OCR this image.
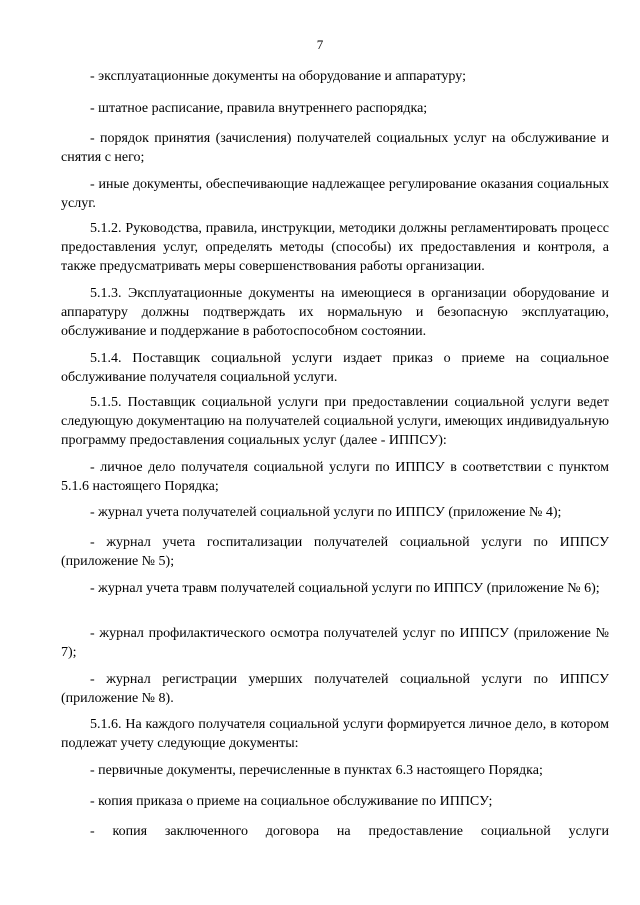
7

- эксплуатационные документы на оборудование и аппаратуру;

- штатное расписание, правила внутреннего распорядка;

- порядок принятия (зачисления) получателей социальных услуг на обслуживание и снятия с него;

- иные документы, обеспечивающие надлежащее регулирование оказания социальных услуг.

5.1.2. Руководства, правила, инструкции, методики должны регламентировать процесс предоставления услуг, определять методы (способы) их предоставления и контроля, а также предусматривать меры совершенствования работы организации.

5.1.3. Эксплуатационные документы на имеющиеся в организации оборудование и аппаратуру должны подтверждать их нормальную и безопасную эксплуатацию, обслуживание и поддержание в работоспособном состоянии.

5.1.4. Поставщик социальной услуги издает приказ о приеме на социальное обслуживание получателя социальной услуги.

5.1.5. Поставщик социальной услуги при предоставлении социальной услуги ведет следующую документацию на получателей социальной услуги, имеющих индивидуальную программу предоставления социальных услуг (далее - ИППСУ):

- личное дело получателя социальной услуги по ИППСУ в соответствии с пунктом 5.1.6 настоящего Порядка;

- журнал учета получателей социальной услуги по ИППСУ (приложение № 4);

- журнал учета госпитализации получателей социальной услуги по ИППСУ (приложение № 5);

- журнал учета травм получателей социальной услуги по ИППСУ (приложение № 6);

- журнал профилактического осмотра получателей услуг по ИППСУ (приложение № 7);

- журнал регистрации умерших получателей социальной услуги по ИППСУ (приложение № 8).

5.1.6. На каждого получателя социальной услуги формируется личное дело, в котором подлежат учету следующие документы:

- первичные документы, перечисленные в пунктах 6.3 настоящего Порядка;

- копия приказа о приеме на социальное обслуживание по ИППСУ;

- копия заключенного договора на предоставление социальной услуги
